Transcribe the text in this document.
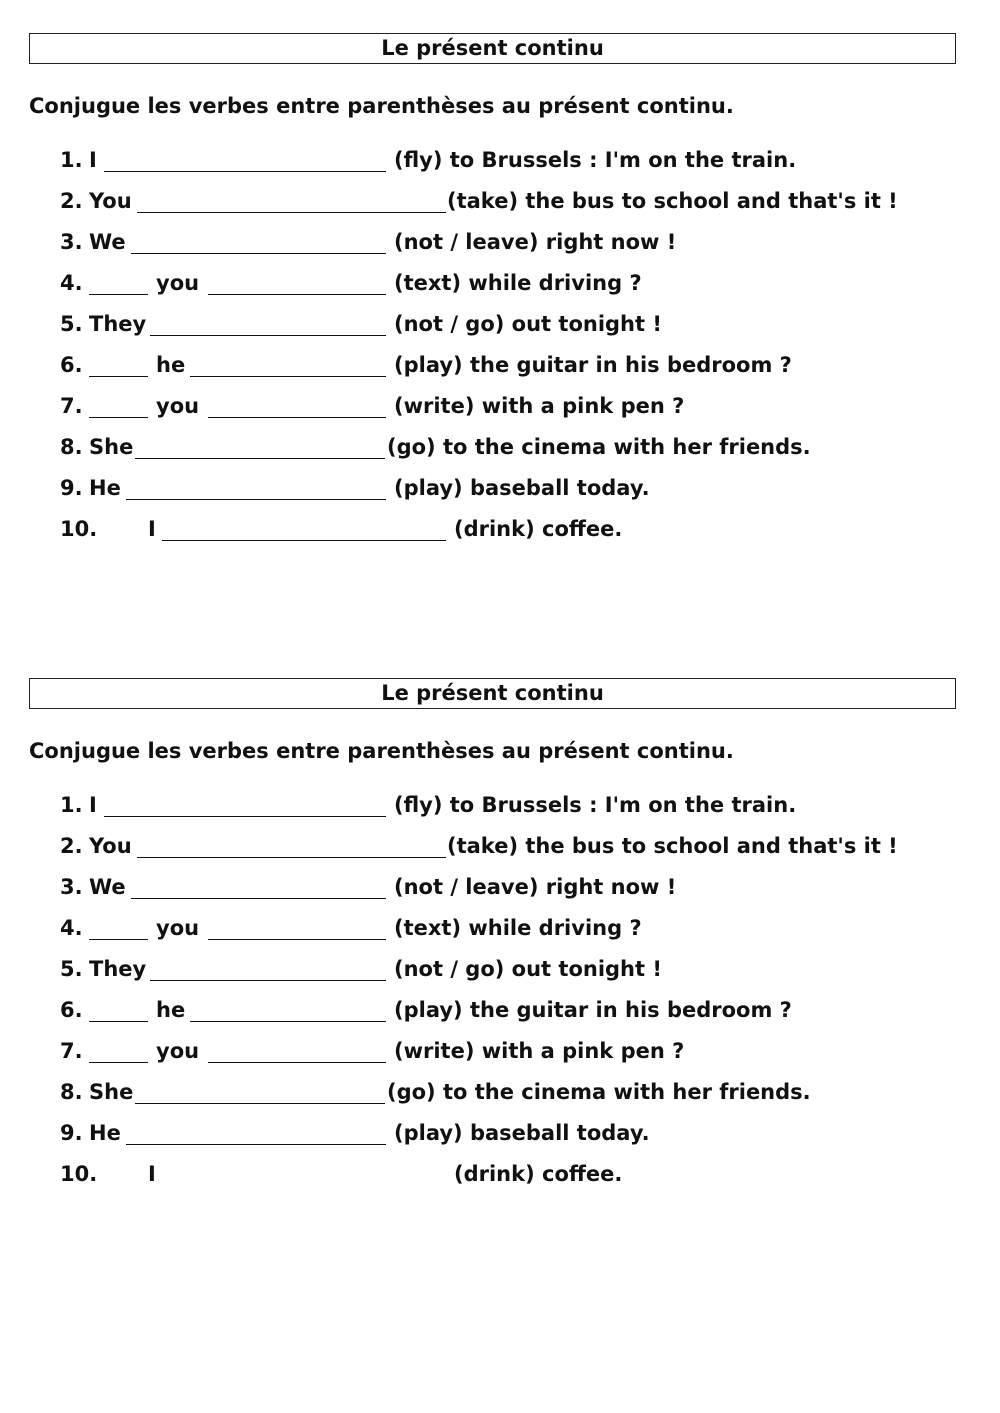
Le présent continu
Conjugue les verbes entre parenthèses au présent continu.
1. I	(fly) to Brussels : I'm on the train.
2. You	(take) the bus to school and that's it !
3. We	(not / leave) right now !
4.	you	(text) while driving ?
5. They	(not / go) out tonight !
6.	he	(play) the guitar in his bedroom ?
7.	you	(write) with a pink pen ?
8. She	(go) to the cinema with her friends.
9. He	(play) baseball today.
10. I	(drink) coffee.
Le présent continu
Conjugue les verbes entre parenthèses au présent continu.
1. I	(fly) to Brussels : I'm on the train.
2. You	(take) the bus to school and that's it !
3. We	(not / leave) right now !
4.	you	(text) while driving ?
5. They	(not / go) out tonight !
6.	he	(play) the guitar in his bedroom ?
7.	you	(write) with a pink pen ?
8. She	(go) to the cinema with her friends.
9. He	(play) baseball today.
10. I	(drink) coffee.
